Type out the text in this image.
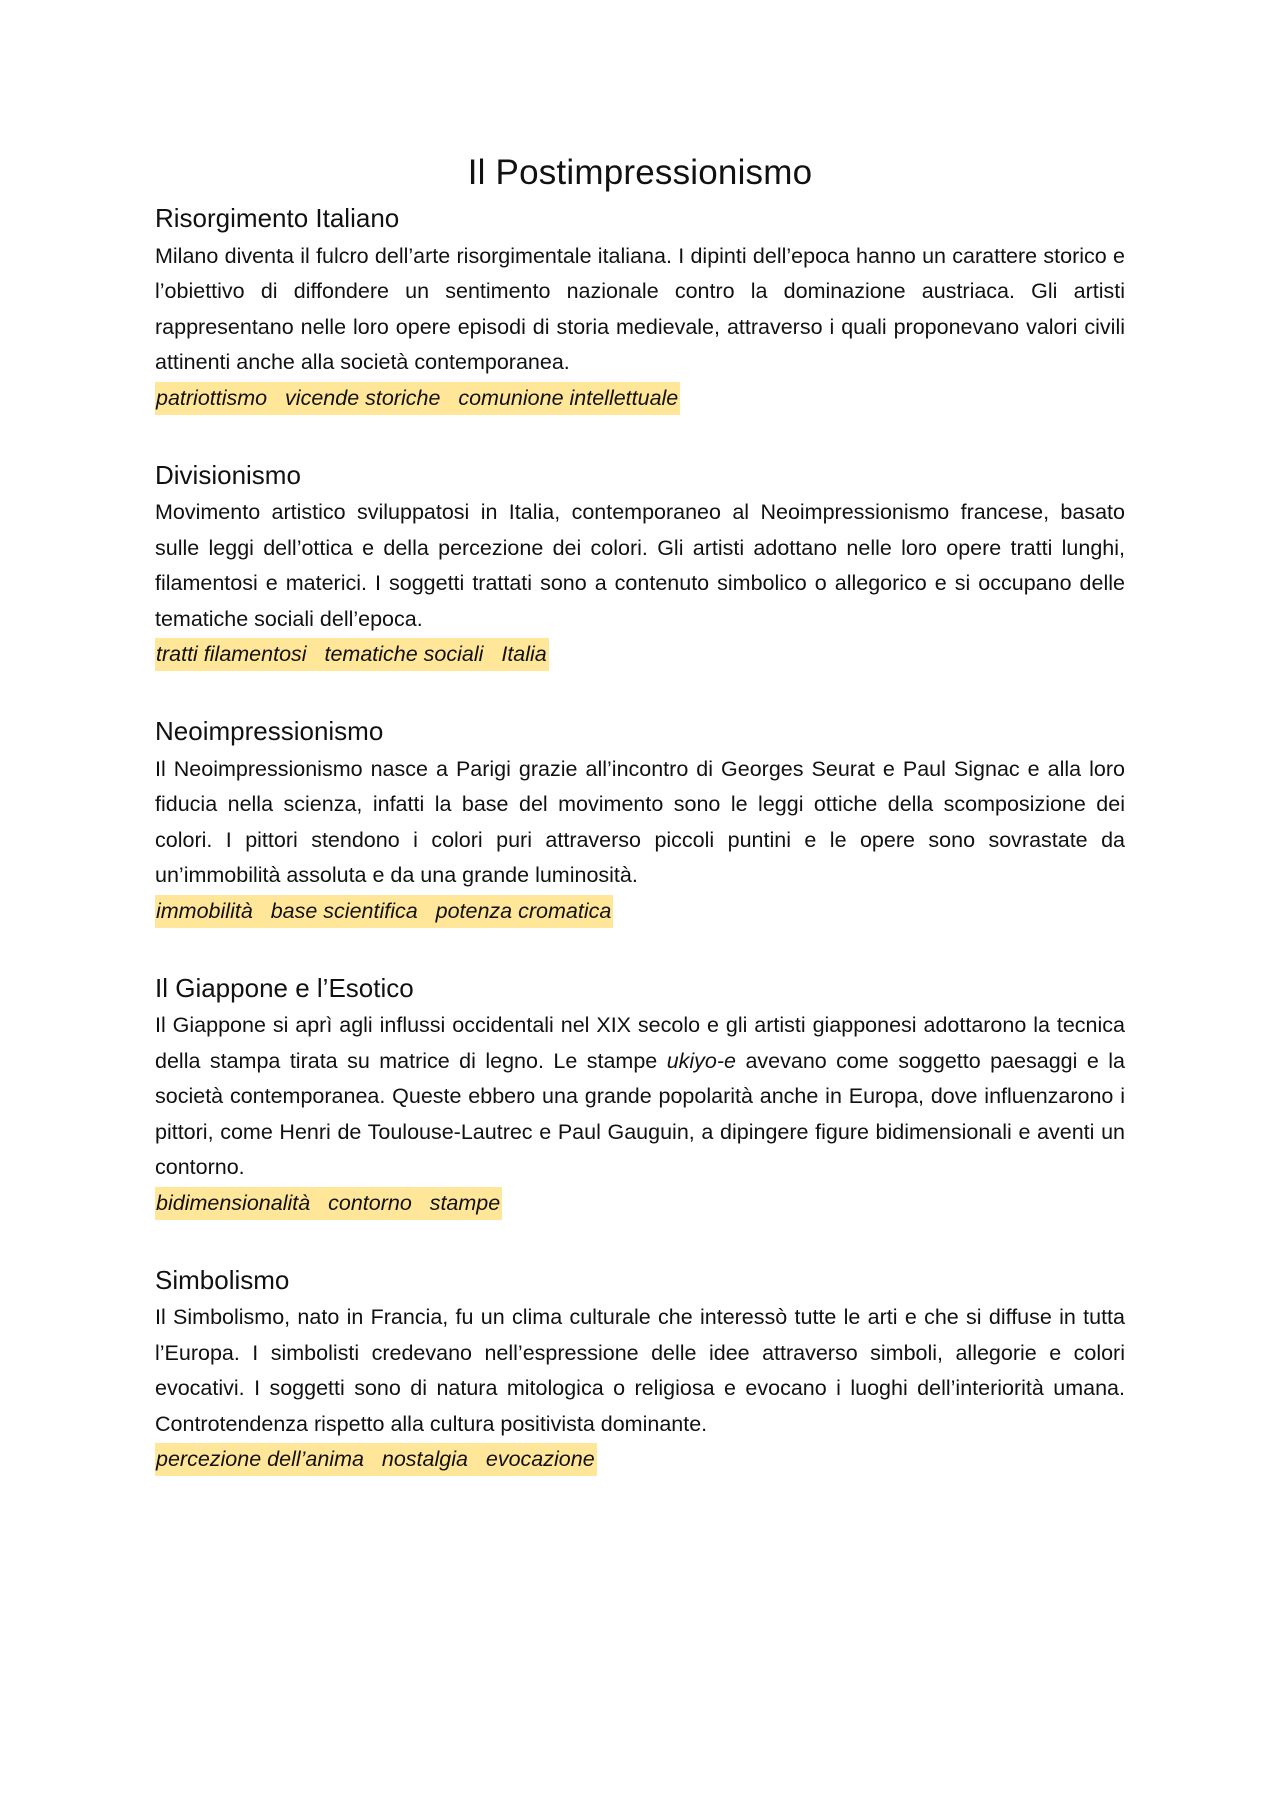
Il Postimpressionismo
Risorgimento Italiano

Milano diventa il fulcro dell’arte risorgimentale italiana. I dipinti dell’epoca hanno un carattere storico e l’obiettivo di diffondere un sentimento nazionale contro la dominazione austriaca. Gli artisti rappresentano nelle loro opere episodi di storia medievale, attraverso i quali proponevano valori civili attinenti anche alla società contemporanea.

patriottismo vicende storiche comunione intellettuale
Divisionismo

Movimento artistico sviluppatosi in Italia, contemporaneo al Neoimpressionismo francese, basato sulle leggi dell’ottica e della percezione dei colori. Gli artisti adottano nelle loro opere tratti lunghi, filamentosi e materici. I soggetti trattati sono a contenuto simbolico o allegorico e si occupano delle tematiche sociali dell’epoca.

tratti filamentosi tematiche sociali Italia
Neoimpressionismo

Il Neoimpressionismo nasce a Parigi grazie all’incontro di Georges Seurat e Paul Signac e alla loro fiducia nella scienza, infatti la base del movimento sono le leggi ottiche della scomposizione dei colori. I pittori stendono i colori puri attraverso piccoli puntini e le opere sono sovrastate da un’immobilità assoluta e da una grande luminosità.

immobilità base scientifica potenza cromatica
Il Giappone e l’Esotico

Il Giappone si aprì agli influssi occidentali nel XIX secolo e gli artisti giapponesi adottarono la tecnica della stampa tirata su matrice di legno. Le stampe ukiyo-e avevano come soggetto paesaggi e la società contemporanea. Queste ebbero una grande popolarità anche in Europa, dove influenzarono i pittori, come Henri de Toulouse-Lautrec e Paul Gauguin, a dipingere figure bidimensionali e aventi un contorno.

bidimensionalità contorno stampe
Simbolismo

Il Simbolismo, nato in Francia, fu un clima culturale che interessò tutte le arti e che si diffuse in tutta l’Europa. I simbolisti credevano nell’espressione delle idee attraverso simboli, allegorie e colori evocativi. I soggetti sono di natura mitologica o religiosa e evocano i luoghi dell’interiorità umana. Controtendenza rispetto alla cultura positivista dominante.

percezione dell’anima nostalgia evocazione
